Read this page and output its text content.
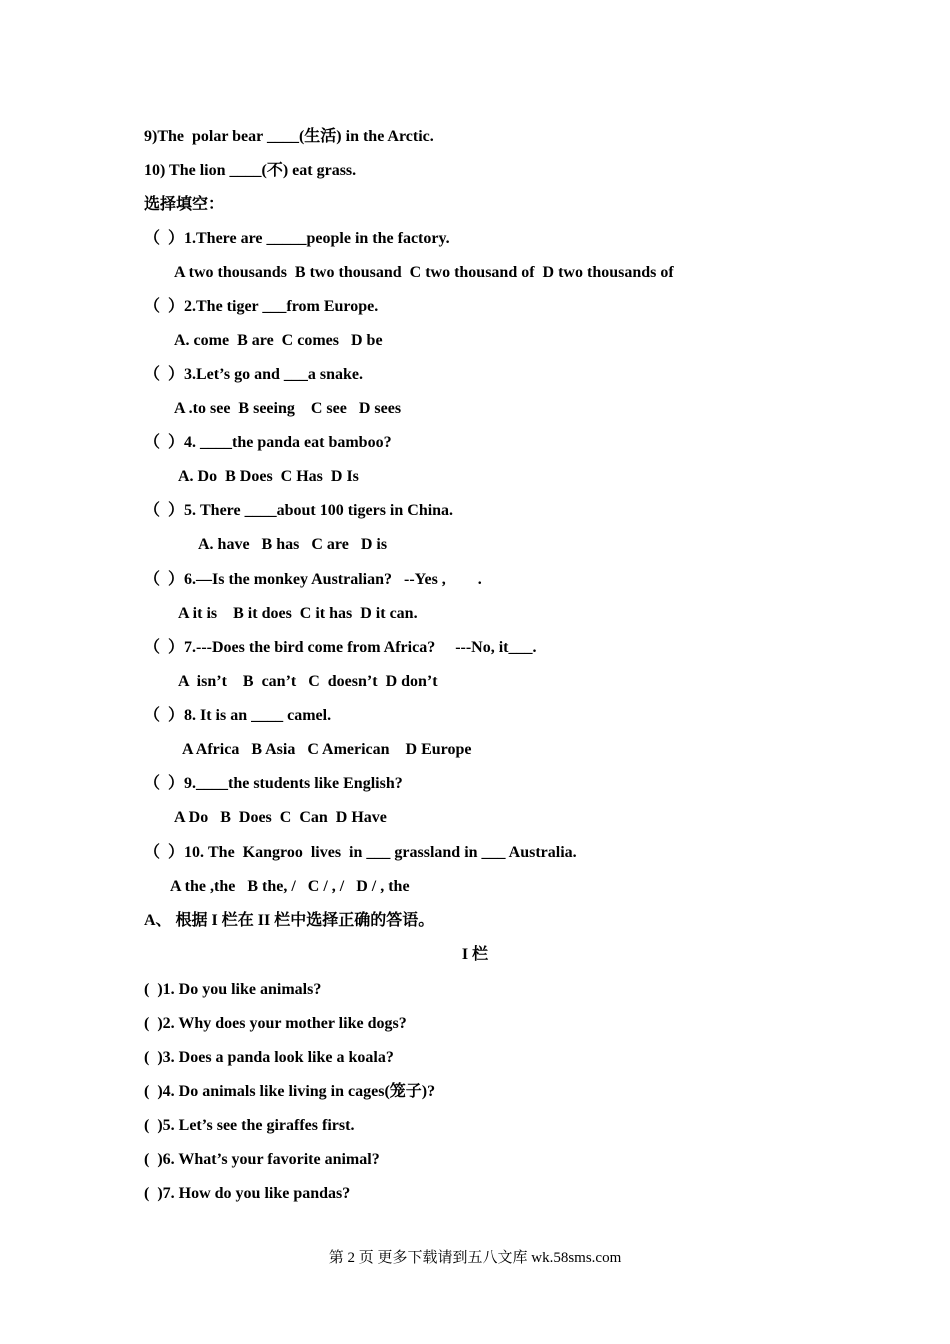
9)The  polar bear ____(生活) in the Arctic.
10) The lion ____(不) eat grass.
选择填空：
（  ）1.There are _____people in the factory.
A two thousands  B two thousand  C two thousand of  D two thousands of
（  ）2.The tiger ___from Europe.
A. come  B are  C comes   D be
（  ）3.Let’s go and ___a snake.
A .to see  B seeing    C see   D sees
（  ）4. ____the panda eat bamboo?
A. Do  B Does  C Has  D Is
（  ）5. There ____about 100 tigers in China.
A. have   B has   C are   D is
（  ）6.—Is the monkey Australian?   --Yes ,        .
A it is    B it does  C it has  D it can.
（  ）7.---Does the bird come from Africa?     ---No, it___.
A  isn’t    B  can’t   C  doesn’t  D don’t
（  ）8. It is an ____ camel.
A Africa   B Asia   C American    D Europe
（  ）9.____the students like English?
A Do   B  Does  C  Can  D Have
（  ）10. The  Kangroo  lives  in ___ grassland in ___ Australia.
A the ,the   B the, /   C / , /   D / , the
A、 根据 I 栏在 II 栏中选择正确的答语。
I 栏
(  )1. Do you like animals?
(  )2. Why does your mother like dogs?
(  )3. Does a panda look like a koala?
(  )4. Do animals like living in cages(笼子)?
(  )5. Let’s see the giraffes first.
(  )6. What’s your favorite animal?
(  )7. How do you like pandas?
第 2 页 更多下载请到五八文库 wk.58sms.com
